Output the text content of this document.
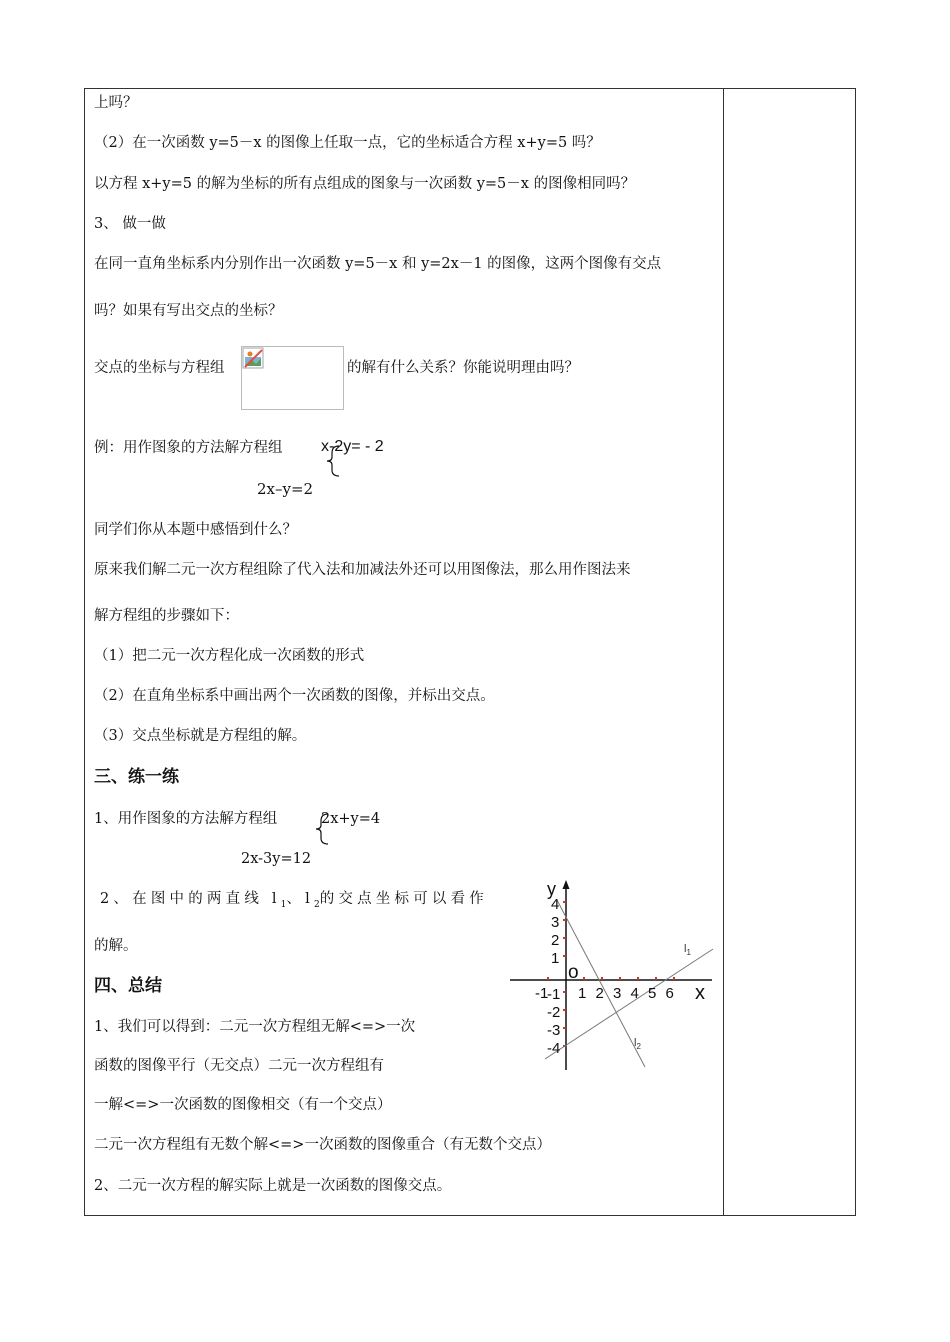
上吗？
（2）在一次函数 y=5－x 的图像上任取一点，它的坐标适合方程 x+y=5 吗？
以方程 x+y=5 的解为坐标的所有点组成的图象与一次函数 y=5－x 的图像相同吗？
3、 做一做
在同一直角坐标系内分别作出一次函数 y=5－x 和 y=2x－1 的图像，这两个图像有交点
吗？如果有写出交点的坐标？
交点的坐标与方程组	的解有什么关系？你能说明理由吗？
例：用作图象的方法解方程组 x-2y= - 2
2x–y=2
同学们你从本题中感悟到什么？
原来我们解二元一次方程组除了代入法和加减法外还可以用图像法，那么用作图法来
解方程组的步骤如下：
（1）把二元一次方程化成一次函数的形式
（2）在直角坐标系中画出两个一次函数的图像，并标出交点。
（3）交点坐标就是方程组的解。
三、练一练
1、用作图象的方法解方程组	2x+y=4
2x-3y=12
2、在图中的两直线 $l_1$、$l_2$的交点坐标可以看作
的解。
四、总结
1、我们可以得到：二元一次方程组无解<=>一次
函数的图像平行（无交点）二元一次方程组有
一解<=>一次函数的图像相交（有一个交点）
二元一次方程组有无数个解<=>一次函数的图像重合（有无数个交点）
2、二元一次方程的解实际上就是一次函数的图像交点。
y
x
o
4
3
2
1
-1
-2
-3
-4
-1 1 2 3 4 5 6
$l_1$
$l_2$
